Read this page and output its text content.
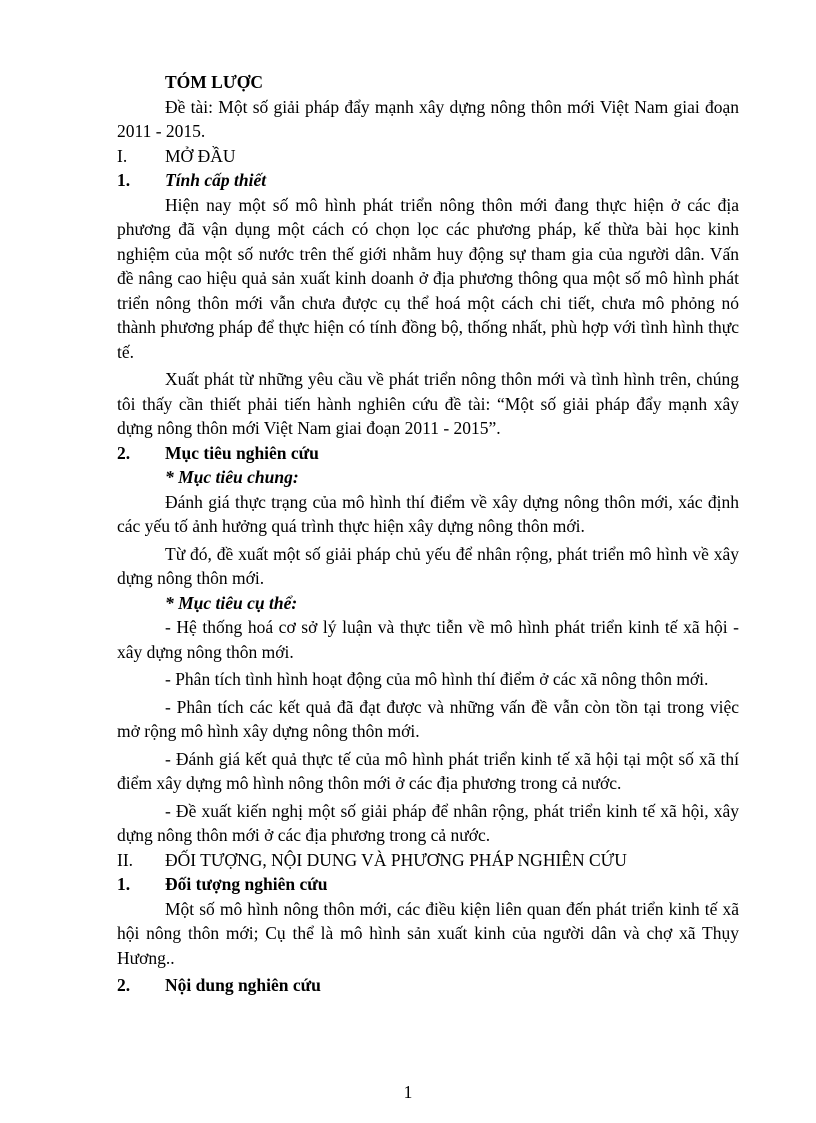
TÓM LƯỢC

Đề tài: Một số giải pháp đẩy mạnh xây dựng nông thôn mới Việt Nam giai đoạn 2011 - 2015.

I.	MỞ ĐẦU
1.	Tính cấp thiết

Hiện nay một số mô hình phát triển nông thôn mới đang thực hiện ở các địa phương đã vận dụng một cách có chọn lọc các phương pháp, kế thừa bài học kinh nghiệm của một số nước trên thế giới nhằm huy động sự tham gia của người dân. Vấn đề nâng cao hiệu quả sản xuất kinh doanh ở địa phương thông qua một số mô hình phát triển nông thôn mới vẫn chưa được cụ thể hoá một cách chi tiết, chưa mô phỏng nó thành phương pháp để thực hiện có tính đồng bộ, thống nhất, phù hợp với tình hình thực tế.

Xuất phát từ những yêu cầu về phát triển nông thôn mới và tình hình trên, chúng tôi thấy cần thiết phải tiến hành nghiên cứu đề tài: “Một số giải pháp đẩy mạnh xây dựng nông thôn mới Việt Nam giai đoạn 2011 - 2015”.

2.	Mục tiêu nghiên cứu

* Mục tiêu chung:

Đánh giá thực trạng của mô hình thí điểm về xây dựng nông thôn mới, xác định các yếu tố ảnh hưởng quá trình thực hiện xây dựng nông thôn mới.

Từ đó, đề xuất một số giải pháp chủ yếu để nhân rộng, phát triển mô hình về xây dựng nông thôn mới.

* Mục tiêu cụ thể:

- Hệ thống hoá cơ sở lý luận và thực tiễn về mô hình phát triển kinh tế xã hội - xây dựng nông thôn mới.

- Phân tích tình hình hoạt động của mô hình thí điểm ở các xã nông thôn mới.

- Phân tích các kết quả đã đạt được và những vấn đề vẫn còn tồn tại trong việc mở rộng mô hình xây dựng nông thôn mới.

- Đánh giá kết quả thực tế của mô hình phát triển kinh tế xã hội tại một số xã thí điểm xây dựng mô hình nông thôn mới ở các địa phương trong cả nước.

- Đề xuất kiến nghị một số giải pháp để nhân rộng, phát triển kinh tế xã hội, xây dựng nông thôn mới ở các địa phương trong cả nước.

II.	ĐỐI TƯỢNG, NỘI DUNG VÀ PHƯƠNG PHÁP NGHIÊN CỨU
1.	Đối tượng nghiên cứu

Một số mô hình nông thôn mới, các điều kiện liên quan đến phát triển kinh tế xã hội nông thôn mới; Cụ thể là mô hình sản xuất kinh của người dân và chợ xã Thụy Hương..

2.	Nội dung nghiên cứu
1
